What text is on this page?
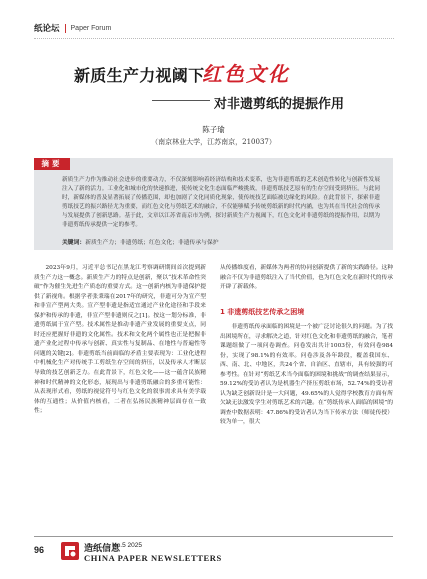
纸论坛 Paper Forum
新质生产力视阈下
红色文化
对非遗剪纸的提振作用
陈子瑜
（南京林业大学，江苏南京，210037）
摘要
新质生产力作为推动社会进步的重要动力，不仅深刻影响着经济结构和技术变革，也为非遗剪纸的艺术创造性转化与创新性发展注入了新的活力。工业化和城市化的快速推进，使传统文化生态面临严峻挑战，非遗剪纸技艺原有的生存空间受到挤压。与此同时，新媒体的普及显著拓展了传播范围，却也加剧了文化同质化现象，使传统技艺面临被边缘化的风险。在此背景下，探索非遗剪纸技艺的振兴路径尤为重要，而红色文化与剪纸艺术的融合，不仅能够赋予传统剪纸新的时代内涵，也为其在当代社会的传承与发展提供了创新思路。基于此，文章以江苏省南京市为例，探讨新质生产力视阈下，红色文化对非遗剪纸的提振作用，以期为非遗剪纸传承提供一定的参考。
关键词：新质生产力；非遗剪纸；红色文化；非遗传承与保护

2023年9月，习近平总书记在黑龙江考察调研期间首次提到新质生产力这一概念。新质生产力的特点是创新，聚以“技术革命性突破”作为催生先进生产质态的重要方式。这一创新内核为非遗保护提供了新视角。根据学者张秉瑞在2017年的研究，非遗可分为宣产型和非宣产型两大类。宣产型非遗是指适宜通过产业化途径和手段来保护和传承的非遗，非宣产型非遗则反之[1]。按这一划分标准，非遗剪纸属于宣产型。技术属性是推动非遗产业发展的重要支点，同时还应把握好非遗的文化属性。技术和文化两个属性也正是把握非遗产业化过程中传承与创新、真实性与复制品、在地性与普遍性等问题的关键[2]。非遗剪纸当前面临的矛盾主要表现为：工业化进程中机械化生产对传统手工剪纸生存空间的挤压，以及传承人才断层导致的技艺创新乏力。在此背景下，红色文化——这一蕴含民族精神和时代精神的文化形态，展现出与非遗剪纸融合的多重可能性：从表现形式看，剪纸的视觉符号与红色文化的叙事需求具有美学载体的互通性；从价值内核看，二者在弘扬民族精神层面存在一致性；

从传播维度看，新媒体为两者的协同创新提供了新的实践路径。这种融合不仅为非遗剪纸注入了当代价值，也为红色文化在新时代的传承开辟了新载体。

1 非遗剪纸技艺传承之困境

非遗剪纸传承面临的困境是一个被广泛讨论很久的问题。为了找出困境所在，寻求解决之道，针对红色文化和非遗剪纸的融合，笔者课题组做了一项问卷调查。问卷发出共计1003份，有效问卷984份，实现了98.1%的有效率。问卷涉及各年龄段，覆盖我国东、西、南、北、中地区，共24个省、自治区、直辖市，具有较强的可参考性。在针对“剪纸艺术当今面临的困境和挑战”的调查结果显示，59.12%的受访者认为是机器生产挤压剪纸市场，52.74%的受访者认为缺乏创新设计是一大问题，49.65%的人觉得学校教育方面有所欠缺无法激发学生对剪纸艺术的兴趣。在“剪纸传承人面临的困境”的调查中数据表明：47.86%的受访者认为当下传承方法（师徒传授）较为单一，很大

96	造纸信息
No.5 2025
CHINA PAPER NEWSLETTERS
